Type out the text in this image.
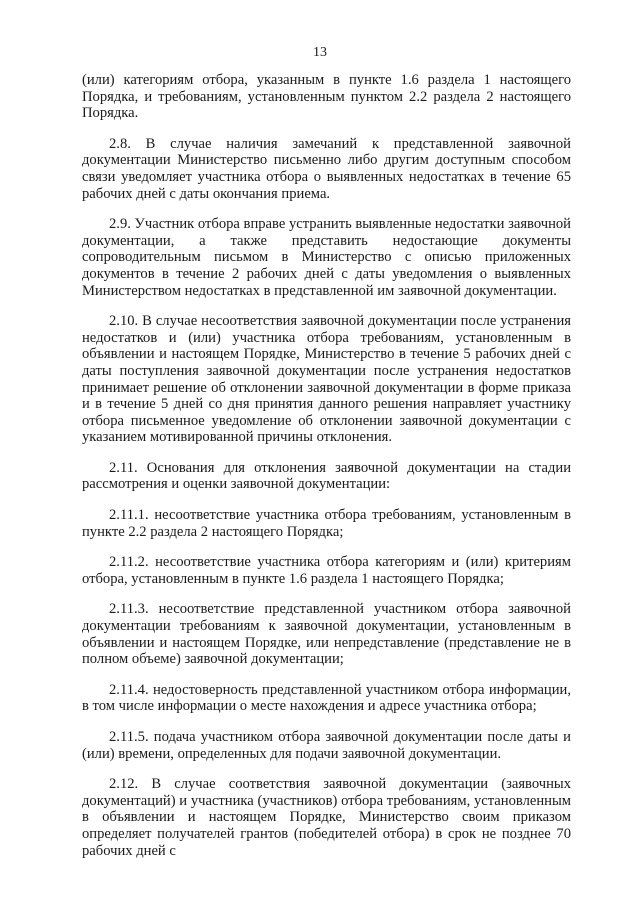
13

(или) категориям отбора, указанным в пункте 1.6 раздела 1 настоящего Порядка, и требованиям, установленным пунктом 2.2 раздела 2 настоящего Порядка.

2.8. В случае наличия замечаний к представленной заявочной документации Министерство письменно либо другим доступным способом связи уведомляет участника отбора о выявленных недостатках в течение 65 рабочих дней с даты окончания приема.

2.9. Участник отбора вправе устранить выявленные недостатки заявочной документации, а также представить недостающие документы сопроводительным письмом в Министерство с описью приложенных документов в течение 2 рабочих дней с даты уведомления о выявленных Министерством недостатках в представленной им заявочной документации.

2.10. В случае несоответствия заявочной документации после устранения недостатков и (или) участника отбора требованиям, установленным в объявлении и настоящем Порядке, Министерство в течение 5 рабочих дней с даты поступления заявочной документации после устранения недостатков принимает решение об отклонении заявочной документации в форме приказа и в течение 5 дней со дня принятия данного решения направляет участнику отбора письменное уведомление об отклонении заявочной документации с указанием мотивированной причины отклонения.

2.11. Основания для отклонения заявочной документации на стадии рассмотрения и оценки заявочной документации:

2.11.1. несоответствие участника отбора требованиям, установленным в пункте 2.2 раздела 2 настоящего Порядка;

2.11.2. несоответствие участника отбора категориям и (или) критериям отбора, установленным в пункте 1.6 раздела 1 настоящего Порядка;

2.11.3. несоответствие представленной участником отбора заявочной документации требованиям к заявочной документации, установленным в объявлении и настоящем Порядке, или непредставление (представление не в полном объеме) заявочной документации;

2.11.4. недостоверность представленной участником отбора информации, в том числе информации о месте нахождения и адресе участника отбора;

2.11.5. подача участником отбора заявочной документации после даты и (или) времени, определенных для подачи заявочной документации.

2.12. В случае соответствия заявочной документации (заявочных документаций) и участника (участников) отбора требованиям, установленным в объявлении и настоящем Порядке, Министерство своим приказом определяет получателей грантов (победителей отбора) в срок не позднее 70 рабочих дней с
